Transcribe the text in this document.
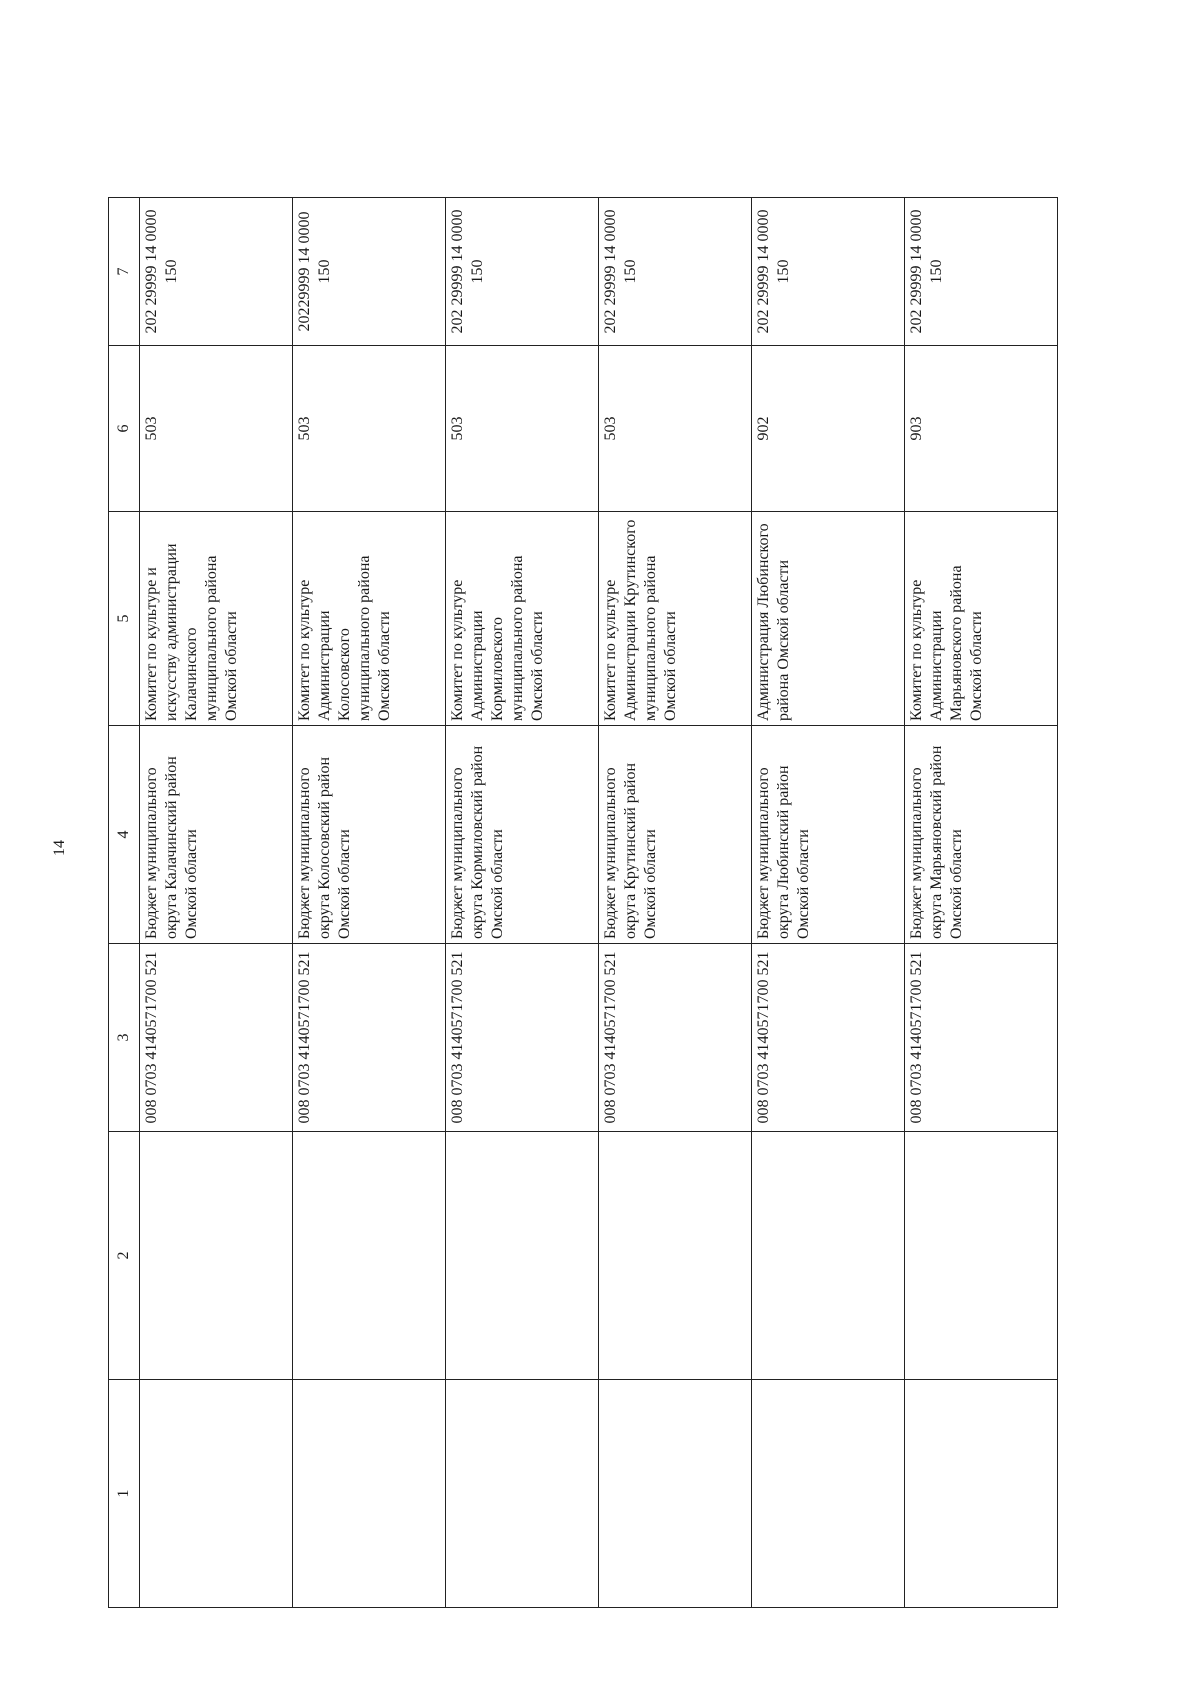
14
1	2	3	4	5	6	7
		008 0703 4140571700 521	Бюджет муниципального округа Калачинский район Омской области	Комитет по культуре и искусству администрации Калачинского муниципального района Омской области	503	202 29999 14 0000 150
		008 0703 4140571700 521	Бюджет муниципального округа Колосовский район Омской области	Комитет по культуре Администрации Колосовского муниципального района Омской области	503	20229999 14 0000 150
		008 0703 4140571700 521	Бюджет муниципального округа Кормиловский район Омской области	Комитет по культуре Администрации Кормиловского муниципального района Омской области	503	202 29999 14 0000 150
		008 0703 4140571700 521	Бюджет муниципального округа Крутинский район Омской области	Комитет по культуре Администрации Крутинского муниципального района Омской области	503	202 29999 14 0000 150
		008 0703 4140571700 521	Бюджет муниципального округа Любинский район Омской области	Администрация Любинского района Омской области	902	202 29999 14 0000 150
		008 0703 4140571700 521	Бюджет муниципального округа Марьяновский район Омской области	Комитет по культуре Администрации Марьяновского района Омской области	903	202 29999 14 0000 150
